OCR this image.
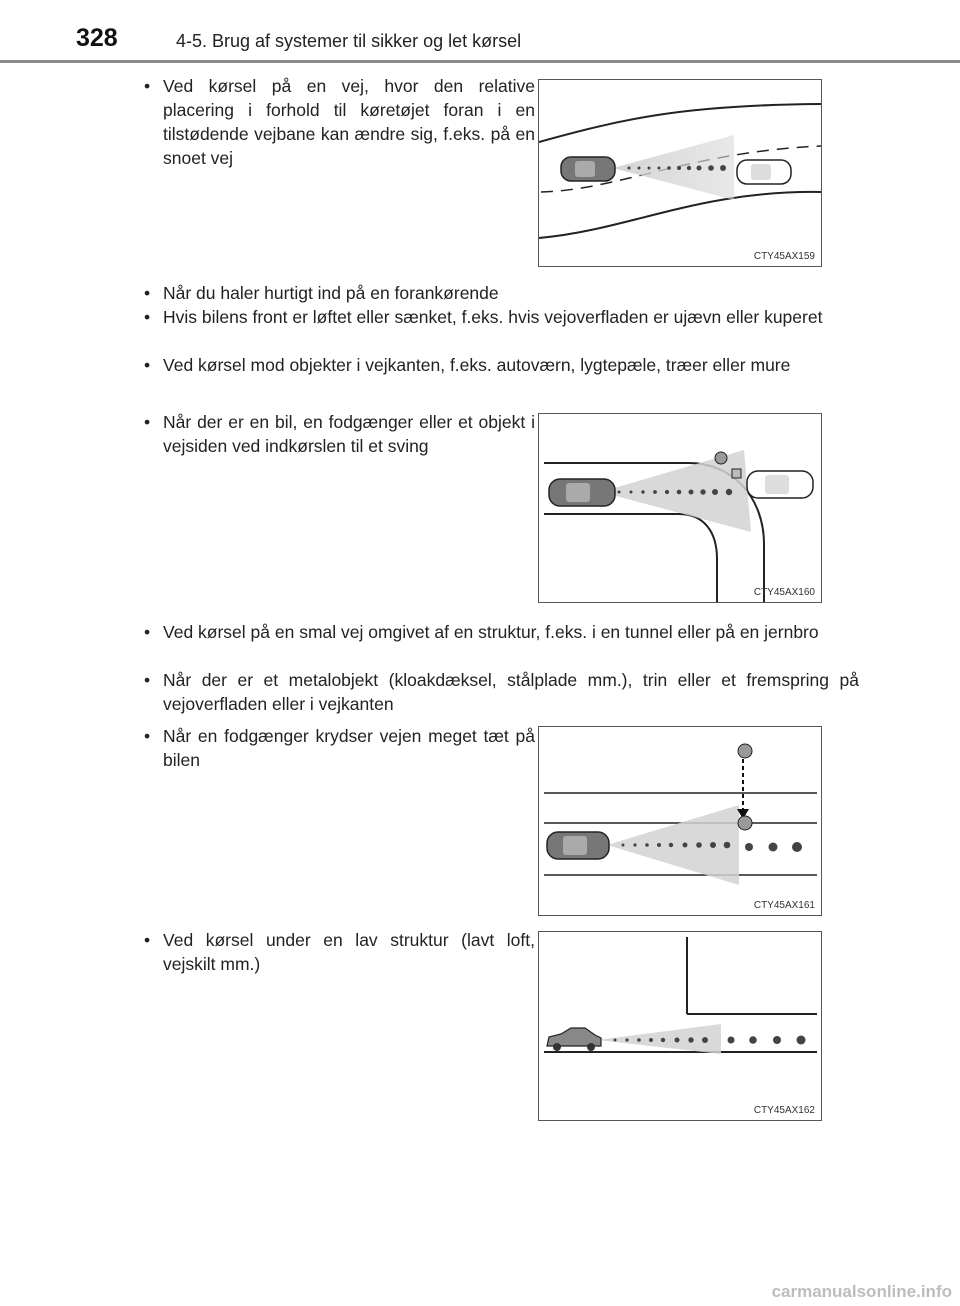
328	4-5. Brug af systemer til sikker og let kørsel
• Ved kørsel på en vej, hvor den relative placering i forhold til køretøjet foran i en tilstødende vejbane kan ændre sig, f.eks. på en snoet vej
CTY45AX159
• Når du haler hurtigt ind på en forankørende
• Hvis bilens front er løftet eller sænket, f.eks. hvis vejoverfladen er ujævn eller kuperet
• Ved kørsel mod objekter i vejkanten, f.eks. autoværn, lygtepæle, træer eller mure
• Når der er en bil, en fodgænger eller et objekt i vejsiden ved indkørslen til et sving
CTY45AX160
• Ved kørsel på en smal vej omgivet af en struktur, f.eks. i en tunnel eller på en jernbro
• Når der er et metalobjekt (kloakdæksel, stålplade mm.), trin eller et fremspring på vejoverfladen eller i vejkanten
• Når en fodgænger krydser vejen meget tæt på bilen
CTY45AX161
• Ved kørsel under en lav struktur (lavt loft, vejskilt mm.)
CTY45AX162
carmanualsonline.info
